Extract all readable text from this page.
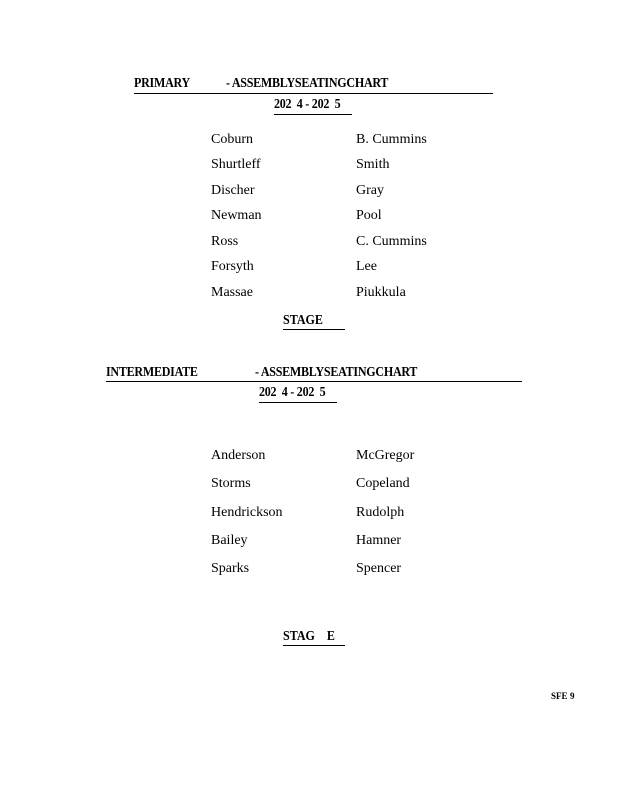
PRIMARY	- ASSEMBLYSEATINGCHART
202  4 - 202  5
Coburn
Shurtleff
Discher
Newman
Ross
Forsyth
Massae
B. Cummins
Smith
Gray
Pool
C. Cummins
Lee
Piukkula
STAGE
INTERMEDIATE	- ASSEMBLYSEATINGCHART
202  4 - 202  5
Anderson
Storms
Hendrickson
Bailey
Sparks
McGregor
Copeland
Rudolph
Hamner
Spencer
STAG    E
SFE 9
